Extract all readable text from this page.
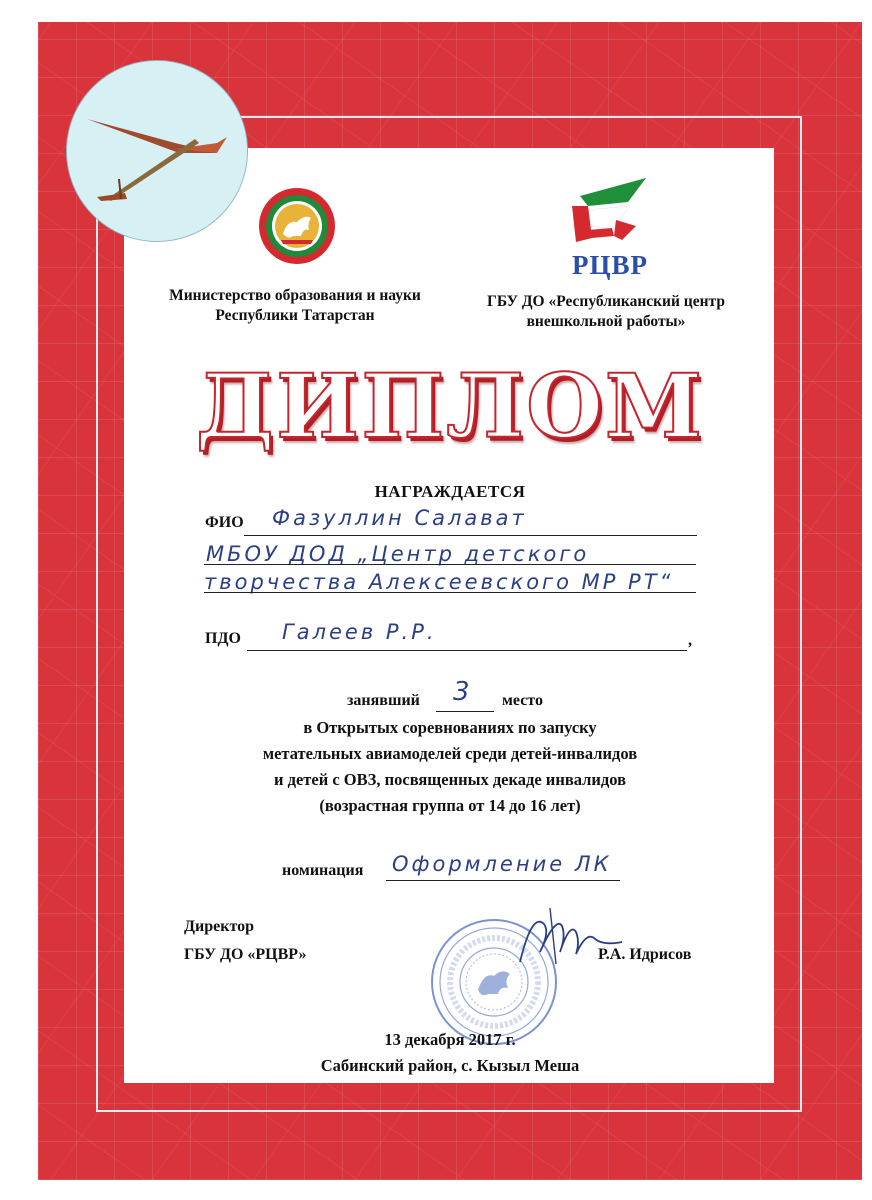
РЦВР
Министерство образования и науки
Республики Татарстан
ГБУ ДО «Республиканский центр
внешкольной работы»
ДИПЛОМ
НАГРАЖДАЕТСЯ
ФИО Фазуллин Салават
МБОУ ДОД „Центр детского
творчества Алексеевского МР РТ“
ПДО Галеев Р.Р.	,
занявший 3 место
в Открытых соревнованиях по запуску
метательных авиамоделей среди детей-инвалидов
и детей с ОВЗ, посвященных декаде инвалидов
(возрастная группа от 14 до 16 лет)
номинация Оформление ЛК
Директор
ГБУ ДО «РЦВР»	Р.А. Идрисов
13 декабря 2017 г.
Сабинский район, с. Кызыл Меша
